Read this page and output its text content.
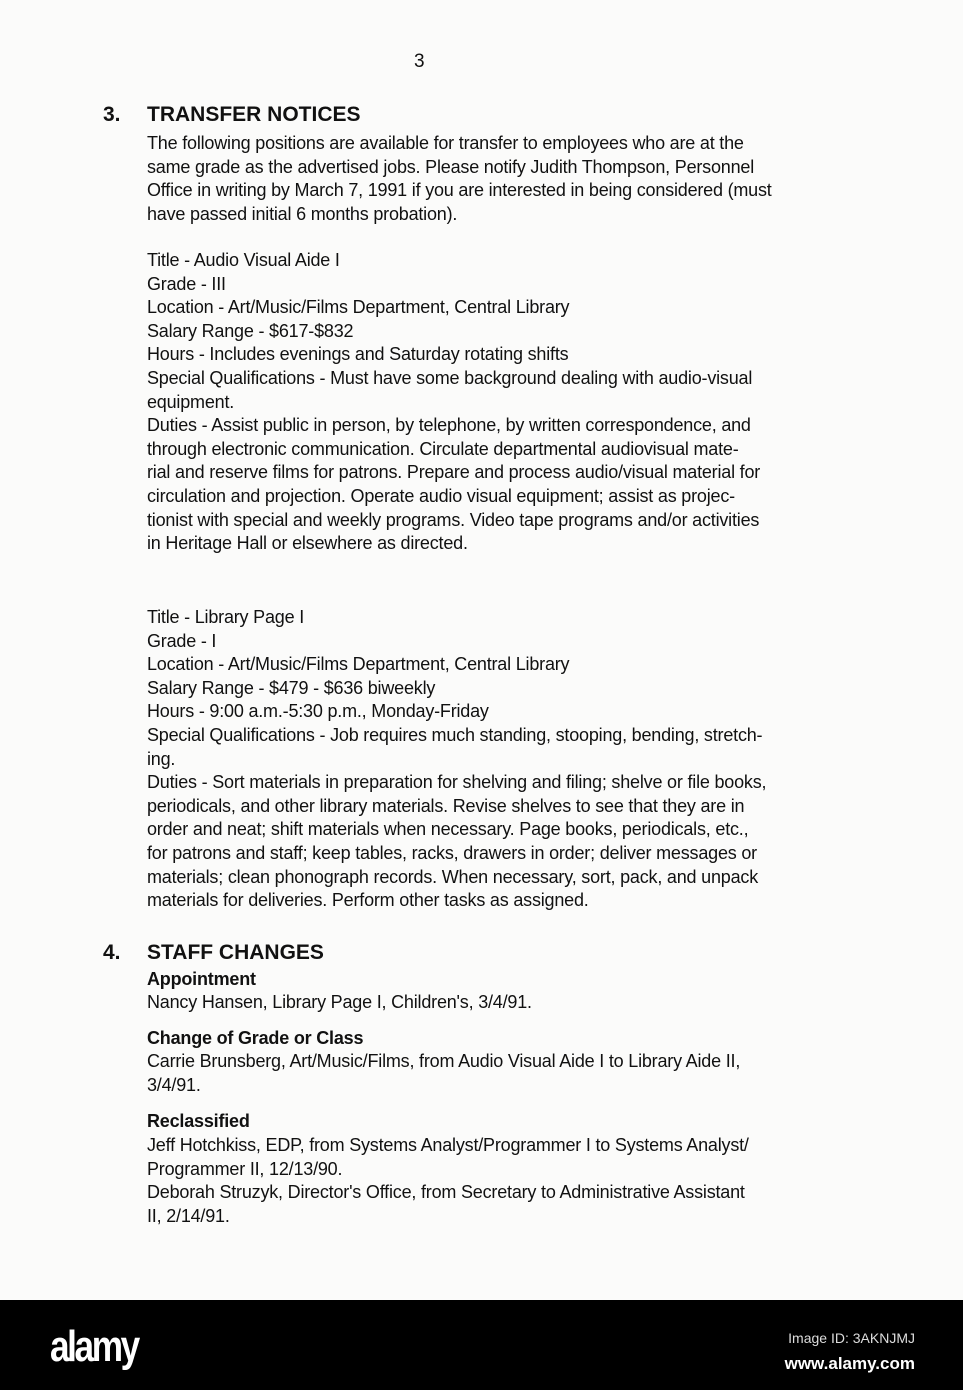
3
3. TRANSFER NOTICES
The following positions are available for transfer to employees who are at the
same grade as the advertised jobs. Please notify Judith Thompson, Personnel
Office in writing by March 7, 1991 if you are interested in being considered (must
have passed initial 6 months probation).
Title - Audio Visual Aide I
Grade - III
Location - Art/Music/Films Department, Central Library
Salary Range - $617-$832
Hours - Includes evenings and Saturday rotating shifts
Special Qualifications - Must have some background dealing with audio-visual
equipment.
Duties - Assist public in person, by telephone, by written correspondence, and
through electronic communication. Circulate departmental audiovisual mate-
rial and reserve films for patrons. Prepare and process audio/visual material for
circulation and projection. Operate audio visual equipment; assist as projec-
tionist with special and weekly programs. Video tape programs and/or activities
in Heritage Hall or elsewhere as directed.
Title - Library Page I
Grade - I
Location - Art/Music/Films Department, Central Library
Salary Range - $479 - $636 biweekly
Hours - 9:00 a.m.-5:30 p.m., Monday-Friday
Special Qualifications - Job requires much standing, stooping, bending, stretch-
ing.
Duties - Sort materials in preparation for shelving and filing; shelve or file books,
periodicals, and other library materials. Revise shelves to see that they are in
order and neat; shift materials when necessary. Page books, periodicals, etc.,
for patrons and staff; keep tables, racks, drawers in order; deliver messages or
materials; clean phonograph records. When necessary, sort, pack, and unpack
materials for deliveries. Perform other tasks as assigned.
4. STAFF CHANGES
Appointment
Nancy Hansen, Library Page I, Children's, 3/4/91.
Change of Grade or Class
Carrie Brunsberg, Art/Music/Films, from Audio Visual Aide I to Library Aide II,
3/4/91.
Reclassified
Jeff Hotchkiss, EDP, from Systems Analyst/Programmer I to Systems Analyst/
Programmer II, 12/13/90.
Deborah Struzyk, Director's Office, from Secretary to Administrative Assistant
II, 2/14/91.
alamy	Image ID: 3AKNJMJ
www.alamy.com
